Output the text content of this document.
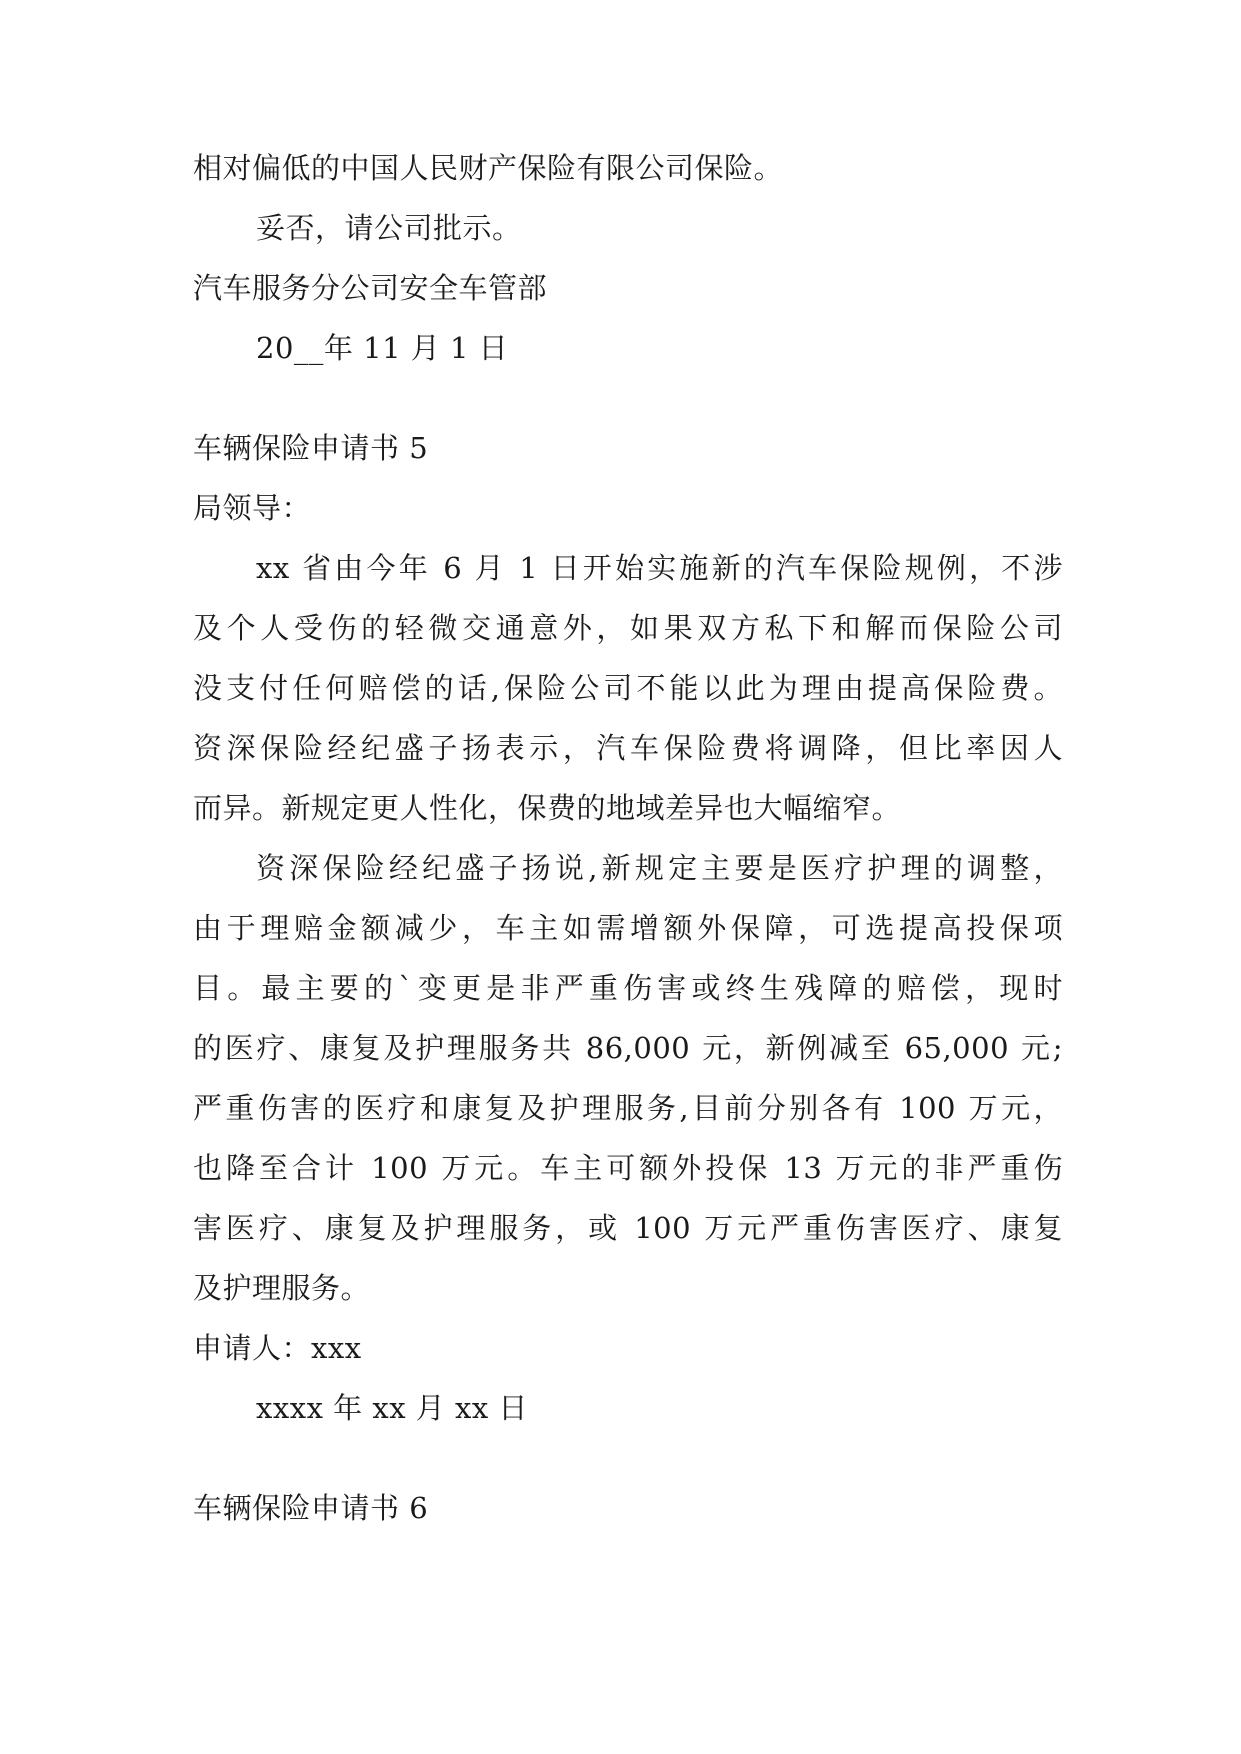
相对偏低的中国人民财产保险有限公司保险。
妥否，请公司批示。
汽车服务分公司安全车管部
20__年 11 月 1 日
车辆保险申请书 5
局领导：
xx 省由今年 6 月 1 日开始实施新的汽车保险规例，不涉
及个人受伤的轻微交通意外，如果双方私下和解而保险公司
没支付任何赔偿的话,保险公司不能以此为理由提高保险费。
资深保险经纪盛子扬表示，汽车保险费将调降，但比率因人
而异。新规定更人性化，保费的地域差异也大幅缩窄。
资深保险经纪盛子扬说,新规定主要是医疗护理的调整，
由于理赔金额减少，车主如需增额外保障，可选提高投保项
目。最主要的`变更是非严重伤害或终生残障的赔偿，现时
的医疗、康复及护理服务共 86,000 元，新例减至 65,000 元;
严重伤害的医疗和康复及护理服务,目前分别各有 100 万元，
也降至合计 100 万元。车主可额外投保 13 万元的非严重伤
害医疗、康复及护理服务，或 100 万元严重伤害医疗、康复
及护理服务。
申请人：xxx
xxxx 年 xx 月 xx 日
车辆保险申请书 6
